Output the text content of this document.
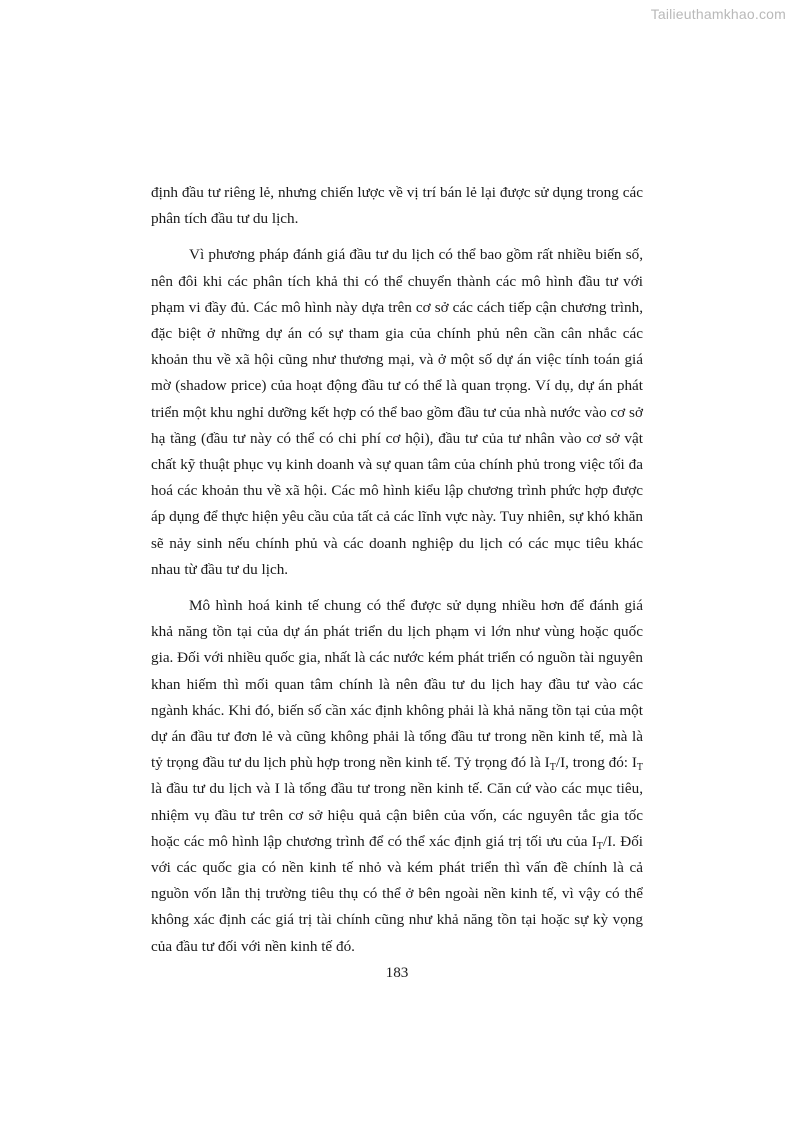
Tailieuthamkhao.com

định đầu tư riêng lẻ, nhưng chiến lược về vị trí bán lẻ lại được sử dụng trong các phân tích đầu tư du lịch.

Vì phương pháp đánh giá đầu tư du lịch có thể bao gồm rất nhiều biến số, nên đôi khi các phân tích khả thi có thể chuyển thành các mô hình đầu tư với phạm vi đầy đủ. Các mô hình này dựa trên cơ sở các cách tiếp cận chương trình, đặc biệt ở những dự án có sự tham gia của chính phủ nên cần cân nhắc các khoản thu về xã hội cũng như thương mại, và ở một số dự án việc tính toán giá mờ (shadow price) của hoạt động đầu tư có thể là quan trọng. Ví dụ, dự án phát triển một khu nghỉ dưỡng kết hợp có thể bao gồm đầu tư của nhà nước vào cơ sở hạ tầng (đầu tư này có thể có chi phí cơ hội), đầu tư của tư nhân vào cơ sở vật chất kỹ thuật phục vụ kinh doanh và sự quan tâm của chính phủ trong việc tối đa hoá các khoản thu về xã hội. Các mô hình kiểu lập chương trình phức hợp được áp dụng để thực hiện yêu cầu của tất cả các lĩnh vực này. Tuy nhiên, sự khó khăn sẽ nảy sinh nếu chính phủ và các doanh nghiệp du lịch có các mục tiêu khác nhau từ đầu tư du lịch.

Mô hình hoá kinh tế chung có thể được sử dụng nhiều hơn để đánh giá khả năng tồn tại của dự án phát triển du lịch phạm vi lớn như vùng hoặc quốc gia. Đối với nhiều quốc gia, nhất là các nước kém phát triển có nguồn tài nguyên khan hiếm thì mối quan tâm chính là nên đầu tư du lịch hay đầu tư vào các ngành khác. Khi đó, biến số cần xác định không phải là khả năng tồn tại của một dự án đầu tư đơn lẻ và cũng không phải là tổng đầu tư trong nền kinh tế, mà là tỷ trọng đầu tư du lịch phù hợp trong nền kinh tế. Tỷ trọng đó là $I_T/I$, trong đó: $I_T$ là đầu tư du lịch và I là tổng đầu tư trong nền kinh tế. Căn cứ vào các mục tiêu, nhiệm vụ đầu tư trên cơ sở hiệu quả cận biên của vốn, các nguyên tắc gia tốc hoặc các mô hình lập chương trình để có thể xác định giá trị tối ưu của $I_T/I$. Đối với các quốc gia có nền kinh tế nhỏ và kém phát triển thì vấn đề chính là cả nguồn vốn lẫn thị trường tiêu thụ có thể ở bên ngoài nền kinh tế, vì vậy có thể không xác định các giá trị tài chính cũng như khả năng tồn tại hoặc sự kỳ vọng của đầu tư đối với nền kinh tế đó.

183
